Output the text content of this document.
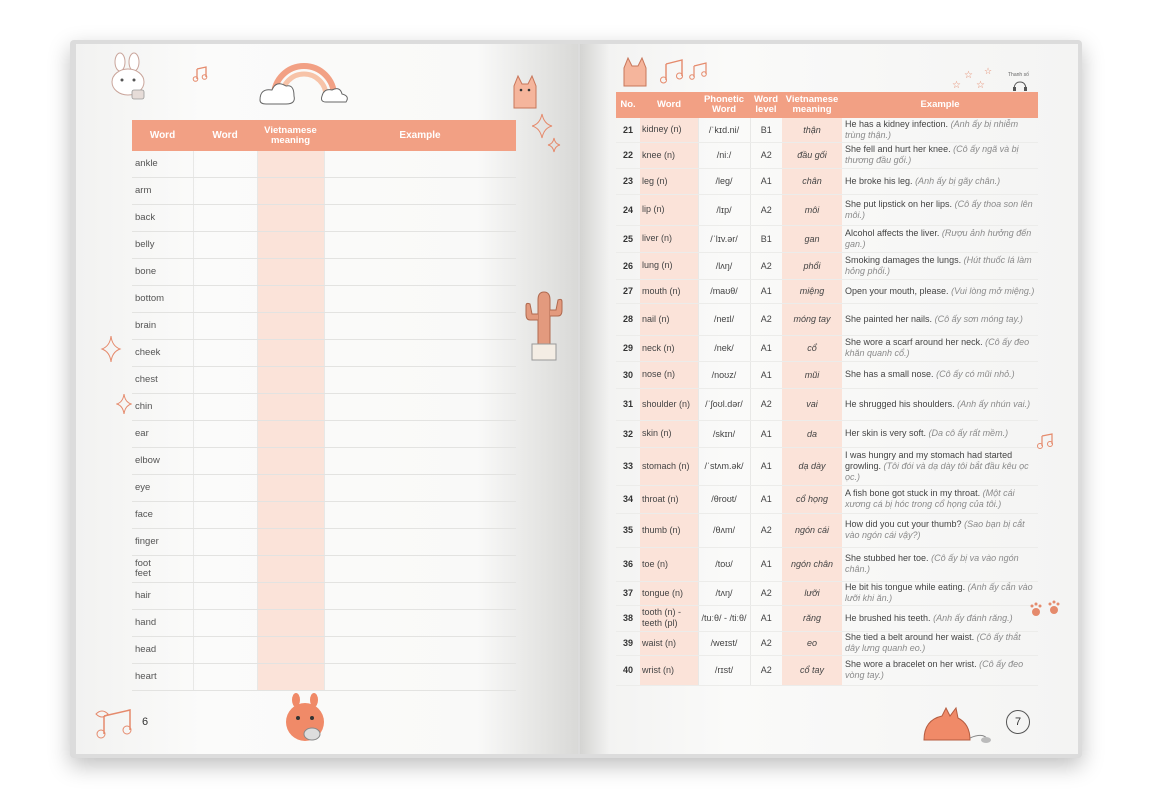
Word	Word	Vietnamese meaning	Example
ankle			
arm			
back			
belly			
bone			
bottom			
brain			
cheek			
chest			
chin			
ear			
elbow			
eye			
face			
finger			
foot
feet			
hair			
hand			
head			
heart			
6
☆
☆
☆
☆	Thanh số
No.	Word	Phonetic Word	Word level	Vietnamese meaning	Example
21	kidney (n)	/ˈkɪd.ni/	B1	thận	He has a kidney infection. (Anh ấy bị nhiễm trùng thận.)
22	knee (n)	/niː/	A2	đầu gối	She fell and hurt her knee. (Cô ấy ngã và bị thương đầu gối.)
23	leg (n)	/leg/	A1	chân	He broke his leg. (Anh ấy bị gãy chân.)
24	lip (n)	/lɪp/	A2	môi	She put lipstick on her lips. (Cô ấy thoa son lên môi.)
25	liver (n)	/ˈlɪv.ər/	B1	gan	Alcohol affects the liver. (Rượu ảnh hưởng đến gan.)
26	lung (n)	/lʌŋ/	A2	phổi	Smoking damages the lungs. (Hút thuốc lá làm hỏng phổi.)
27	mouth (n)	/maʊθ/	A1	miệng	Open your mouth, please. (Vui lòng mở miệng.)
28	nail (n)	/neɪl/	A2	móng tay	She painted her nails. (Cô ấy sơn móng tay.)
29	neck (n)	/nek/	A1	cổ	She wore a scarf around her neck. (Cô ấy đeo khăn quanh cổ.)
30	nose (n)	/noʊz/	A1	mũi	She has a small nose. (Cô ấy có mũi nhỏ.)
31	shoulder (n)	/ˈʃoʊl.dər/	A2	vai	He shrugged his shoulders. (Anh ấy nhún vai.)
32	skin (n)	/skɪn/	A1	da	Her skin is very soft. (Da cô ấy rất mềm.)
33	stomach (n)	/ˈstʌm.ək/	A1	dạ dày	I was hungry and my stomach had started growling. (Tôi đói và dạ dày tôi bắt đầu kêu ọc ọc.)
34	throat (n)	/θroʊt/	A1	cổ họng	A fish bone got stuck in my throat. (Một cái xương cá bị hóc trong cổ họng của tôi.)
35	thumb (n)	/θʌm/	A2	ngón cái	How did you cut your thumb? (Sao bạn bị cắt vào ngón cái vậy?)
36	toe (n)	/toʊ/	A1	ngón chân	She stubbed her toe. (Cô ấy bị va vào ngón chân.)
37	tongue (n)	/tʌŋ/	A2	lưỡi	He bit his tongue while eating. (Anh ấy cắn vào lưỡi khi ăn.)
38	tooth (n) - teeth (pl)	/tuːθ/ - /tiːθ/	A1	răng	He brushed his teeth. (Anh ấy đánh răng.)
39	waist (n)	/weɪst/	A2	eo	She tied a belt around her waist. (Cô ấy thắt dây lưng quanh eo.)
40	wrist (n)	/rɪst/	A2	cổ tay	She wore a bracelet on her wrist. (Cô ấy đeo vòng tay.)
7
